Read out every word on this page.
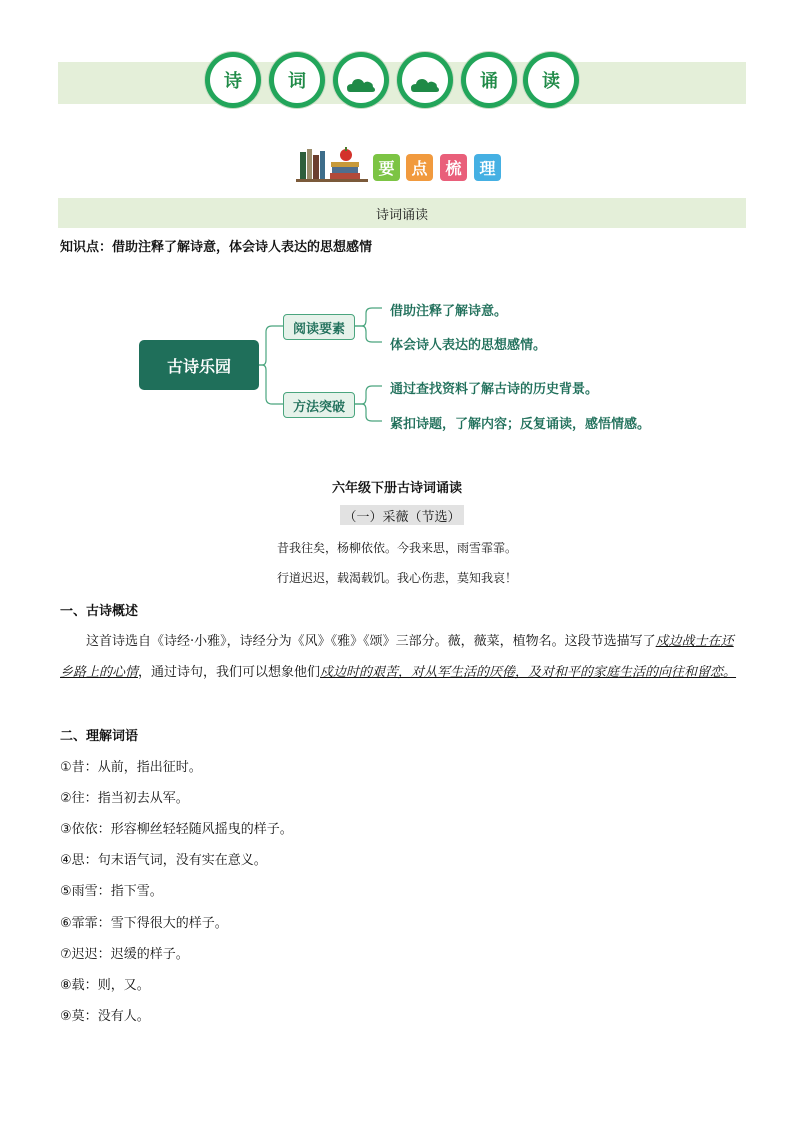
诗	词	诵	读
要	点	梳	理
诗词诵读
知识点：借助注释了解诗意，体会诗人表达的思想感情
古诗乐园
阅读要素
方法突破
借助注释了解诗意。
体会诗人表达的思想感情。
通过查找资料了解古诗的历史背景。
紧扣诗题，了解内容；反复诵读，感悟情感。
六年级下册古诗词诵读
（一）采薇（节选）
昔我往矣，杨柳依依。今我来思，雨雪霏霏。
行道迟迟，载渴载饥。我心伤悲，莫知我哀！
一、古诗概述
这首诗选自《诗经·小雅》，诗经分为《风》《雅》《颂》三部分。薇，薇菜，植物名。这段节选描写了戍边战士在还乡路上的心情，通过诗句，我们可以想象他们戍边时的艰苦，对从军生活的厌倦，及对和平的家庭生活的向往和留恋。
二、理解词语
①昔：从前，指出征时。
②往：指当初去从军。
③依依：形容柳丝轻轻随风摇曳的样子。
④思：句末语气词，没有实在意义。
⑤雨雪：指下雪。
⑥霏霏：雪下得很大的样子。
⑦迟迟：迟缓的样子。
⑧载：则，又。
⑨莫：没有人。
